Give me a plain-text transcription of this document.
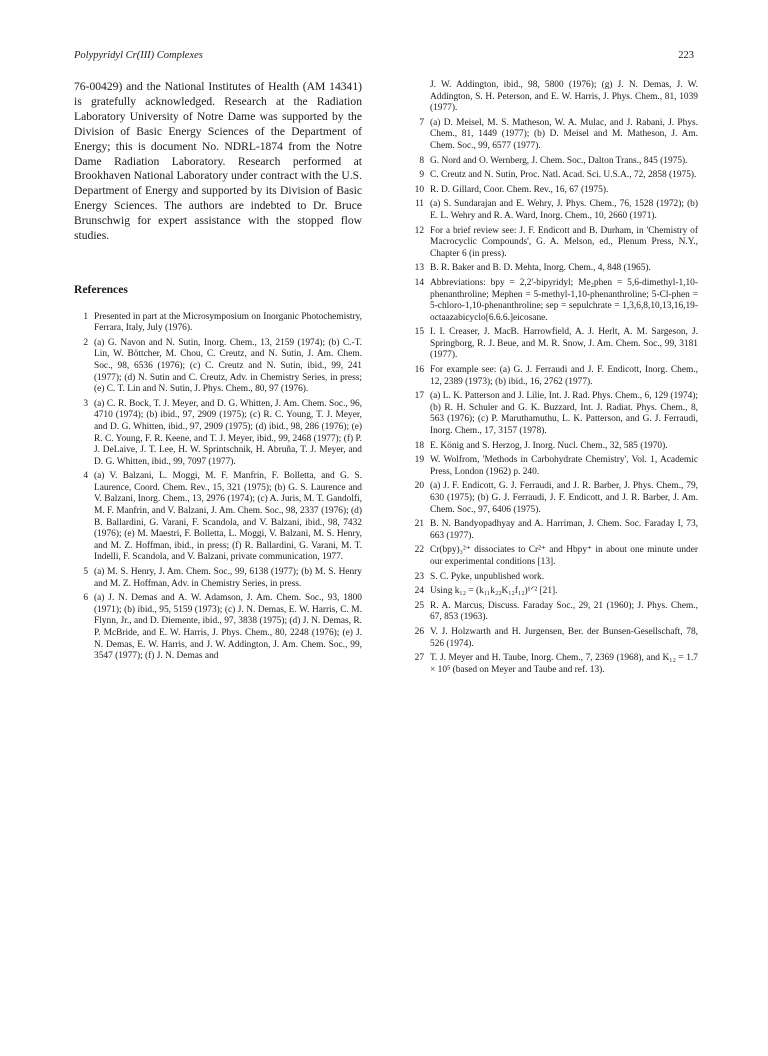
Polypyridyl Cr(III) Complexes	223

76-00429) and the National Institutes of Health (AM 14341) is gratefully acknowledged. Research at the Radiation Laboratory University of Notre Dame was supported by the Division of Basic Energy Sciences of the Department of Energy; this is document No. NDRL-1874 from the Notre Dame Radiation Laboratory. Research performed at Brookhaven National Laboratory under contract with the U.S. Department of Energy and supported by its Division of Basic Energy Sciences. The authors are indebted to Dr. Bruce Brunschwig for expert assistance with the stopped flow studies.

References
1 Presented in part at the Microsymposium on Inorganic Photochemistry, Ferrara, Italy, July (1976).
2 (a) G. Navon and N. Sutin, Inorg. Chem., 13, 2159 (1974); (b) C.-T. Lin, W. Böttcher, M. Chou, C. Creutz, and N. Sutin, J. Am. Chem. Soc., 98, 6536 (1976); (c) C. Creutz and N. Sutin, ibid., 99, 241 (1977); (d) N. Sutin and C. Creutz, Adv. in Chemistry Series, in press; (e) C. T. Lin and N. Sutin, J. Phys. Chem., 80, 97 (1976).
3 (a) C. R. Bock, T. J. Meyer, and D. G. Whitten, J. Am. Chem. Soc., 96, 4710 (1974); (b) ibid., 97, 2909 (1975); (c) R. C. Young, T. J. Meyer, and D. G. Whitten, ibid., 97, 2909 (1975); (d) ibid., 98, 286 (1976); (e) R. C. Young, F. R. Keene, and T. J. Meyer, ibid., 99, 2468 (1977); (f) P. J. DeLaive, J. T. Lee, H. W. Sprintschnik, H. Abruña, T. J. Meyer, and D. G. Whitten, ibid., 99, 7097 (1977).
4 (a) V. Balzani, L. Moggi, M. F. Manfrin, F. Bolletta, and G. S. Laurence, Coord. Chem. Rev., 15, 321 (1975); (b) G. S. Laurence and V. Balzani, Inorg. Chem., 13, 2976 (1974); (c) A. Juris, M. T. Gandolfi, M. F. Manfrin, and V. Balzani, J. Am. Chem. Soc., 98, 2337 (1976); (d) B. Ballardini, G. Varani, F. Scandola, and V. Balzani, ibid., 98, 7432 (1976); (e) M. Maestri, F. Bolletta, L. Moggi, V. Balzani, M. S. Henry, and M. Z. Hoffman, ibid., in press; (f) R. Ballardini, G. Varani, M. T. Indelli, F. Scandola, and V. Balzani, private communication, 1977.
5 (a) M. S. Henry, J. Am. Chem. Soc., 99, 6138 (1977); (b) M. S. Henry and M. Z. Hoffman, Adv. in Chemistry Series, in press.
6 (a) J. N. Demas and A. W. Adamson, J. Am. Chem. Soc., 93, 1800 (1971); (b) ibid., 95, 5159 (1973); (c) J. N. Demas, E. W. Harris, C. M. Flynn, Jr., and D. Diemente, ibid., 97, 3838 (1975); (d) J. N. Demas, R. P. McBride, and E. W. Harris, J. Phys. Chem., 80, 2248 (1976); (e) J. N. Demas, E. W. Harris, and J. W. Addington, J. Am. Chem. Soc., 99, 3547 (1977); (f) J. N. Demas and
J. W. Addington, ibid., 98, 5800 (1976); (g) J. N. Demas, J. W. Addington, S. H. Peterson, and E. W. Harris, J. Phys. Chem., 81, 1039 (1977).
7 (a) D. Meisel, M. S. Matheson, W. A. Mulac, and J. Rabani, J. Phys. Chem., 81, 1449 (1977); (b) D. Meisel and M. Matheson, J. Am. Chem. Soc., 99, 6577 (1977).
8 G. Nord and O. Wernberg, J. Chem. Soc., Dalton Trans., 845 (1975).
9 C. Creutz and N. Sutin, Proc. Natl. Acad. Sci. U.S.A., 72, 2858 (1975).
10 R. D. Gillard, Coor. Chem. Rev., 16, 67 (1975).
11 (a) S. Sundarajan and E. Wehry, J. Phys. Chem., 76, 1528 (1972); (b) E. L. Wehry and R. A. Ward, Inorg. Chem., 10, 2660 (1971).
12 For a brief review see: J. F. Endicott and B. Durham, in 'Chemistry of Macrocyclic Compounds', G. A. Melson, ed., Plenum Press, N.Y., Chapter 6 (in press).
13 B. R. Baker and B. D. Mehta, Inorg. Chem., 4, 848 (1965).
14 Abbreviations: bpy = 2,2'-bipyridyl; Me₂phen = 5,6-dimethyl-1,10-phenanthroline; Mephen = 5-methyl-1,10-phenanthroline; 5-Cl-phen = 5-chloro-1,10-phenanthroline; sep = sepulchrate = 1,3,6,8,10,13,16,19-octaazabicyclo[6.6.6.]eicosane.
15 I. I. Creaser, J. MacB. Harrowfield, A. J. Herlt, A. M. Sargeson, J. Springborg, R. J. Beue, and M. R. Snow, J. Am. Chem. Soc., 99, 3181 (1977).
16 For example see: (a) G. J. Ferraudi and J. F. Endicott, Inorg. Chem., 12, 2389 (1973); (b) ibid., 16, 2762 (1977).
17 (a) L. K. Patterson and J. Lilie, Int. J. Rad. Phys. Chem., 6, 129 (1974); (b) R. H. Schuler and G. K. Buzzard, Int. J. Radiat. Phys. Chem., 8, 563 (1976); (c) P. Maruthamuthu, L. K. Patterson, and G. J. Ferraudi, Inorg. Chem., 17, 3157 (1978).
18 E. König and S. Herzog, J. Inorg. Nucl. Chem., 32, 585 (1970).
19 W. Wolfrom, 'Methods in Carbohydrate Chemistry', Vol. 1, Academic Press, London (1962) p. 240.
20 (a) J. F. Endicott, G. J. Ferraudi, and J. R. Barber, J. Phys. Chem., 79, 630 (1975); (b) G. J. Ferraudi, J. F. Endicott, and J. R. Barber, J. Am. Chem. Soc., 97, 6406 (1975).
21 B. N. Bandyopadhyay and A. Harriman, J. Chem. Soc. Faraday I, 73, 663 (1977).
22 Cr(bpy)₃²⁺ dissociates to Cr²⁺ and Hbpy⁺ in about one minute under our experimental conditions [13].
23 S. C. Pyke, unpublished work.
24 Using k₁₂ = (k₁₁k₂₂K₁₂f₁₂)¹ᐟ² [21].
25 R. A. Marcus, Discuss. Faraday Soc., 29, 21 (1960); J. Phys. Chem., 67, 853 (1963).
26 V. J. Holzwarth and H. Jurgensen, Ber. der Bunsen-Gesellschaft, 78, 526 (1974).
27 T. J. Meyer and H. Taube, Inorg. Chem., 7, 2369 (1968), and K₁₂ = 1.7 × 10⁵ (based on Meyer and Taube and ref. 13).
